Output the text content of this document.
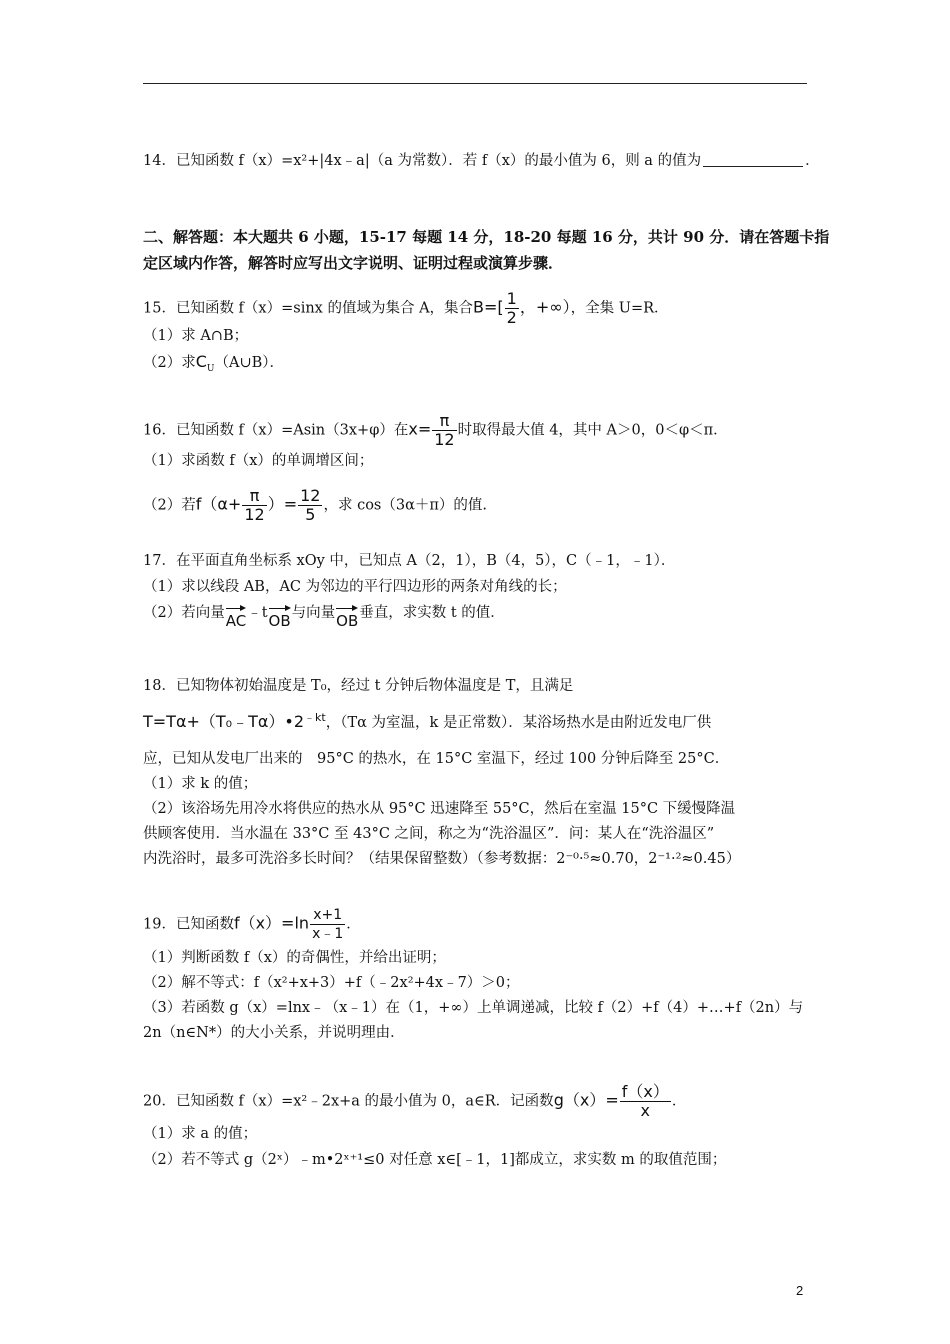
14．已知函数 f（x）=x²+|4x﹣a|（a 为常数）．若 f（x）的最小值为 6，则 a 的值为	．
二、解答题：本大题共 6 小题，15-17 每题 14 分，18-20 每题 16 分，共计 90 分．请在答题卡指
定区域内作答，解答时应写出文字说明、证明过程或演算步骤．
15．已知函数 f（x）=sinx 的值域为集合 A，集合$B=[ \frac{1}{2}$ ，+∞），全集 U=R．
（1）求 A∩B；
（2）求$C_U(A\cup B)$．
16．已知函数 f（x）=Asin（3x+φ）在$x= \frac{\pi}{12}$ 时取得最大值 4，其中 A＞0，0＜φ＜π．
（1）求函数 f（x）的单调增区间；
（2）若$f(\alpha+ \frac{\pi}{12}$ ）= $\frac{12}{5}$ ，求 cos（3α＋π）的值.
17．在平面直角坐标系 xOy 中，已知点 A（2，1），B（4，5），C（﹣1，﹣1）．
（1）求以线段 AB，AC 为邻边的平行四边形的两条对角线的长；
（2）若向量
AC﹣t
OB与向量
OB垂直，求实数 t 的值．
18．已知物体初始温度是 T₀，经过 t 分钟后物体温度是 T，且满足
$T=T\alpha+(T_0﹣T\alpha)•2^{﹣kt}$，（Tα 为室温，k 是正常数）．某浴场热水是由附近发电厂供
应，已知从发电厂出来的　95°C 的热水，在 15°C 室温下，经过 100 分钟后降至 25°C．
（1）求 k 的值；
（2）该浴场先用冷水将供应的热水从 95°C 迅速降至 55°C，然后在室温 15°C 下缓慢降温
供顾客使用．当水温在 33°C 至 43°C 之间，称之为“洗浴温区”．问：某人在“洗浴温区”
内洗浴时，最多可洗浴多长时间？（结果保留整数）（参考数据：2⁻⁰·⁵≈0.70，2⁻¹·²≈0.45）
19．已知函数$f(x)=\ln \frac{x+1}{x﹣1}$ ．
（1）判断函数 f（x）的奇偶性，并给出证明；
（2）解不等式：f（x²+x+3）+f（﹣2x²+4x﹣7）＞0；
（3）若函数 g（x）=lnx﹣（x﹣1）在（1，+∞）上单调递减，比较 f（2）+f（4）+…+f（2n）与
2n（n∈N*）的大小关系，并说明理由．
20．已知函数 f（x）=x²﹣2x+a 的最小值为 0，a∈R．记函数$g(x)= \frac{f(x)}{x}$ ．
（1）求 a 的值；
（2）若不等式 g（2ˣ）﹣m•2ˣ⁺¹≤0 对任意 x∈[﹣1，1]都成立，求实数 m 的取值范围；
2
